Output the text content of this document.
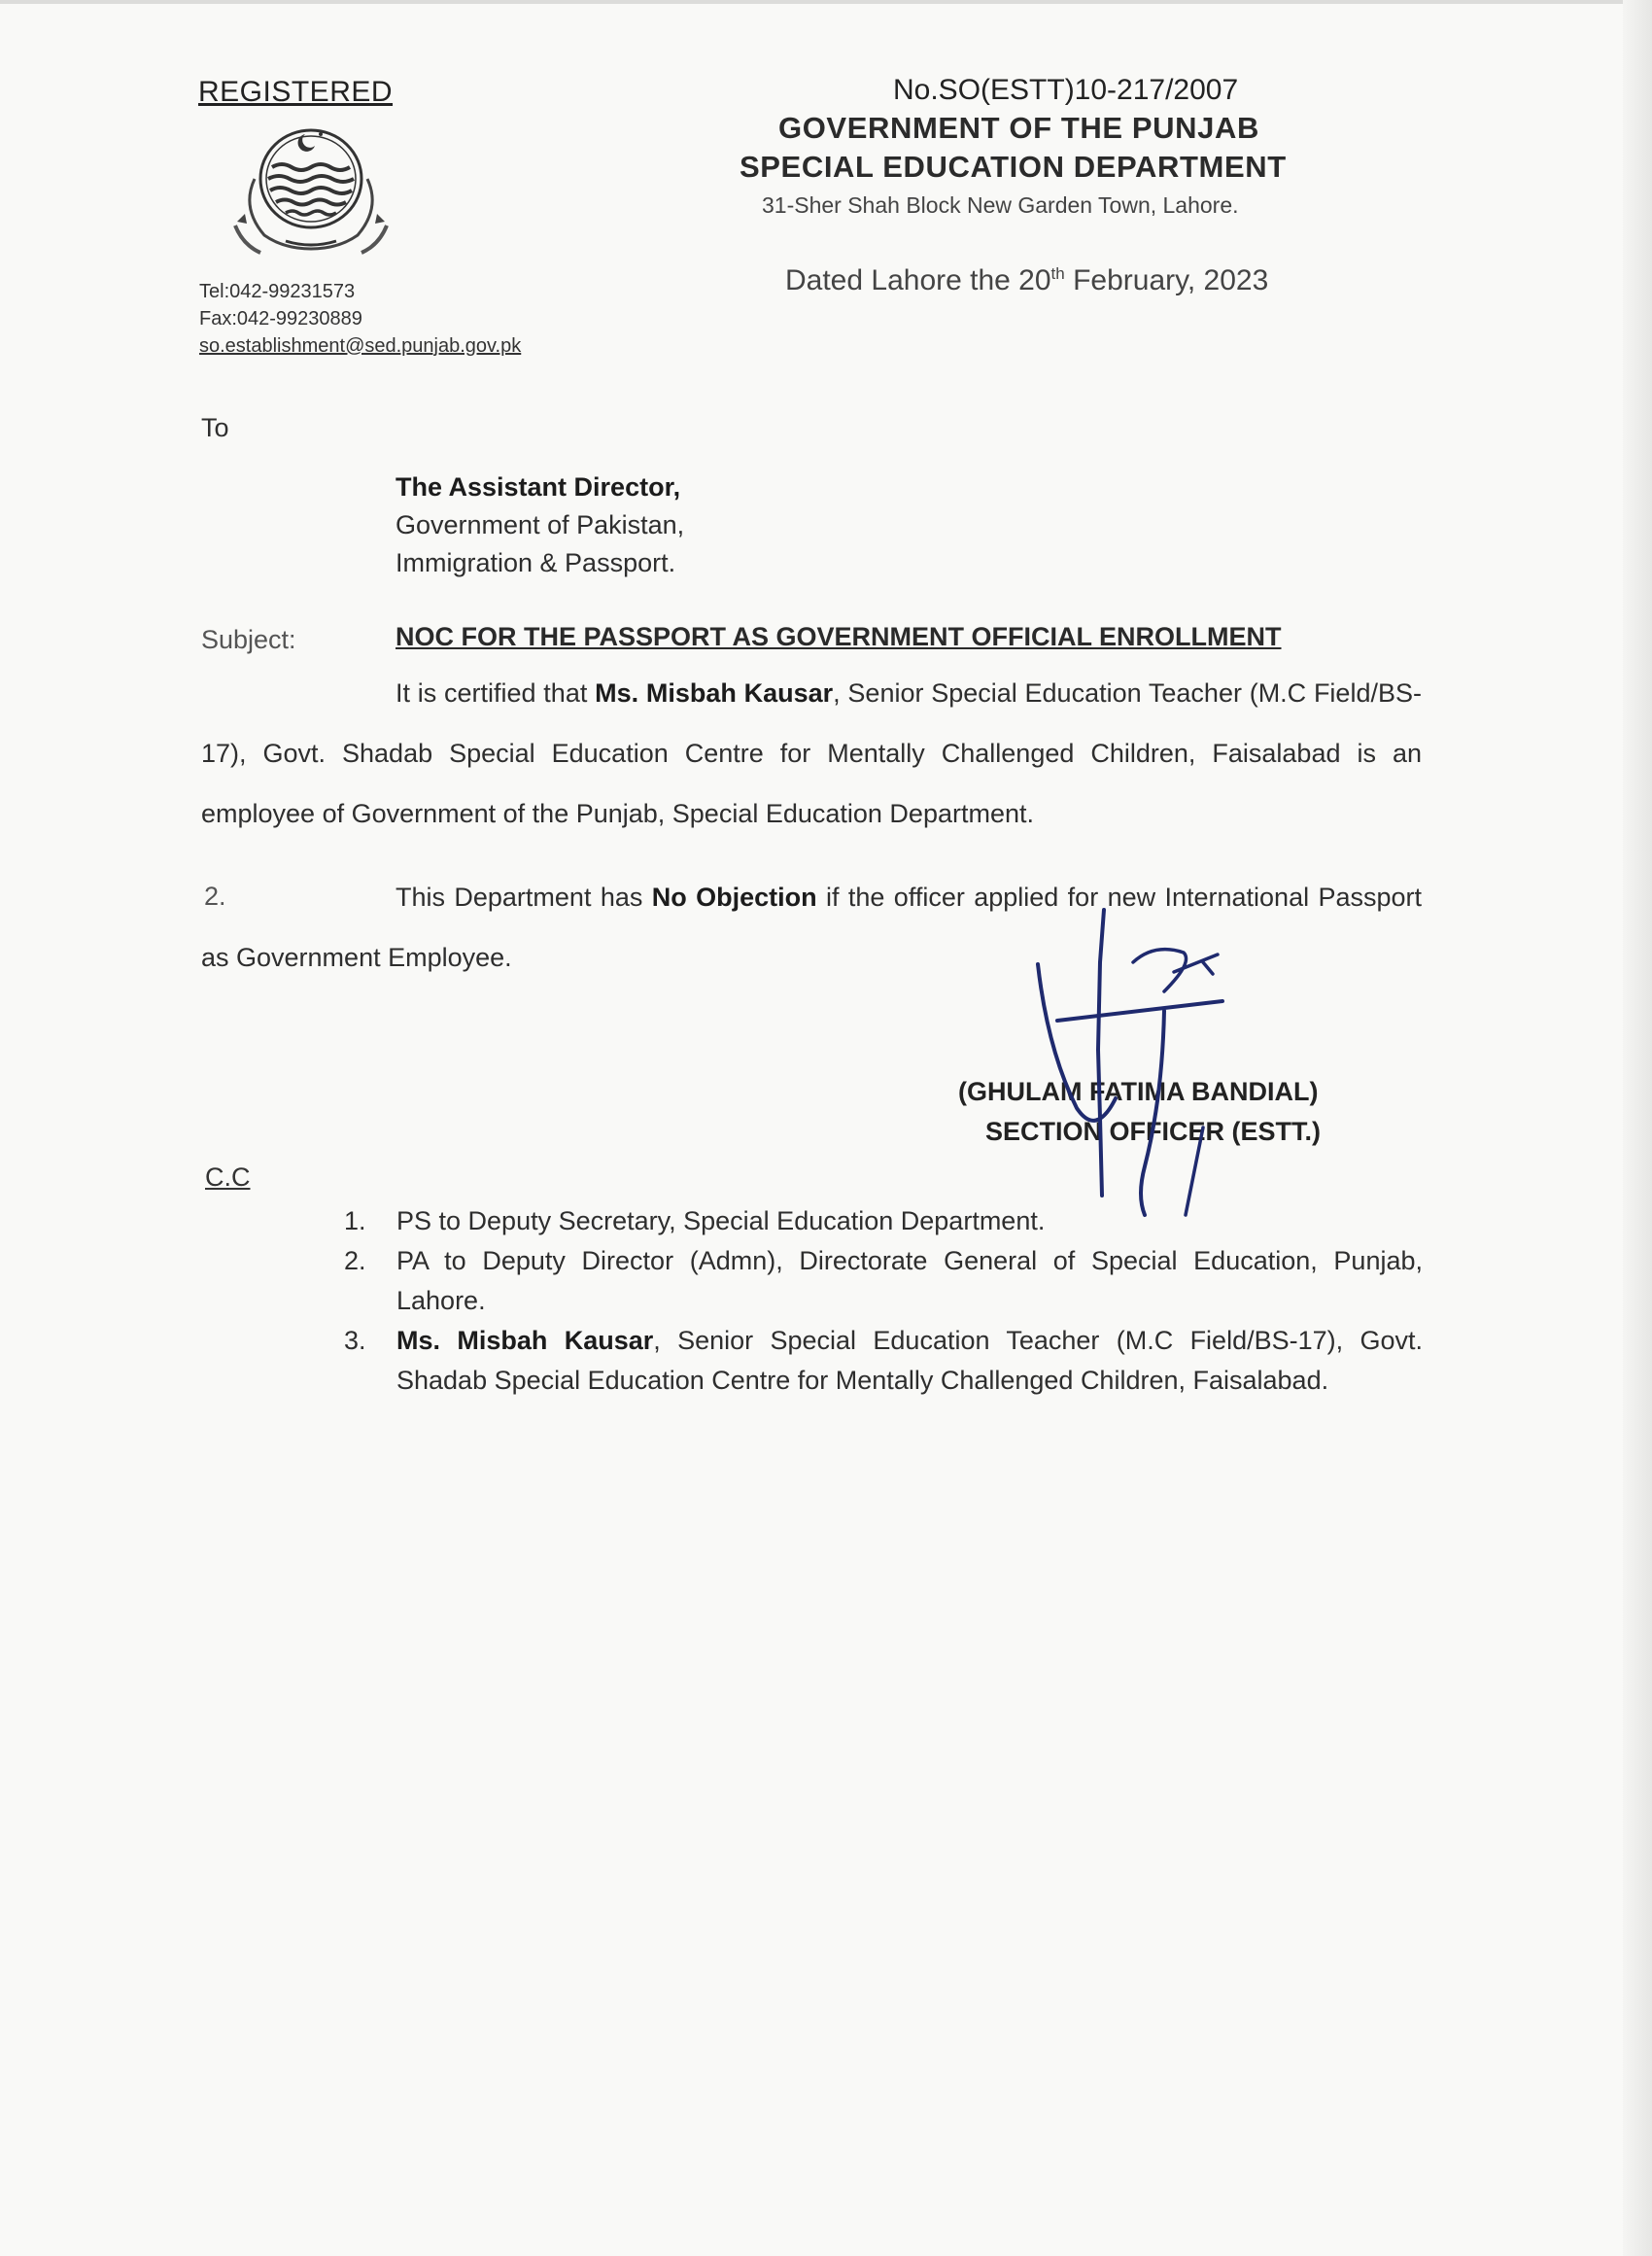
REGISTERED
Tel:042-99231573
Fax:042-99230889
so.establishment@sed.punjab.gov.pk
No.SO(ESTT)10-217/2007
GOVERNMENT OF THE PUNJAB
SPECIAL EDUCATION DEPARTMENT
31-Sher Shah Block New Garden Town, Lahore.
Dated Lahore the 20th February, 2023
To
The Assistant Director,
Government of Pakistan,
Immigration & Passport.
Subject:	NOC FOR THE PASSPORT AS GOVERNMENT OFFICIAL ENROLLMENT
It is certified that Ms. Misbah Kausar, Senior Special Education Teacher (M.C Field/BS-17), Govt. Shadab Special Education Centre for Mentally Challenged Children, Faisalabad is an employee of Government of the Punjab, Special Education Department.
2.	This Department has No Objection if the officer applied for new International Passport as Government Employee.
(GHULAM FATIMA BANDIAL)
SECTION OFFICER (ESTT.)
C.C
1.	PS to Deputy Secretary, Special Education Department.
2.	PA to Deputy Director (Admn), Directorate General of Special Education, Punjab, Lahore.
3.	Ms. Misbah Kausar, Senior Special Education Teacher (M.C Field/BS-17), Govt. Shadab Special Education Centre for Mentally Challenged Children, Faisalabad.
